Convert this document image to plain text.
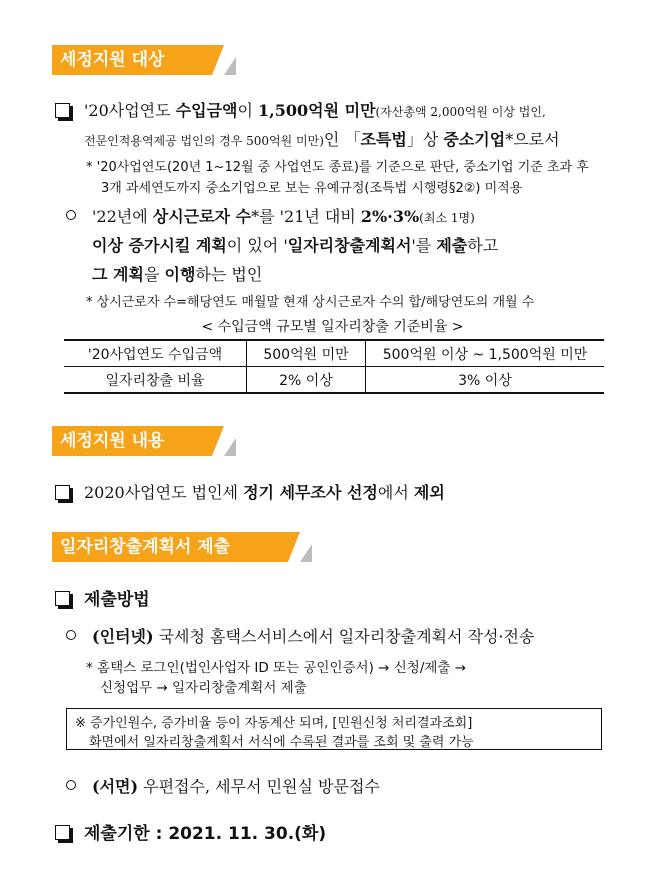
세정지원 대상
'20사업연도 수입금액이 1,500억원 미만(자산총액 2,000억원 이상 법인,
전문인적용역제공 법인의 경우 500억원 미만)인 「조특법」상 중소기업*으로서
* '20사업연도(20년 1~12월 중 사업연도 종료)를 기준으로 판단, 중소기업 기준 초과 후
3개 과세연도까지 중소기업으로 보는 유예규정(조특법 시행령§2②) 미적용
'22년에 상시근로자 수*를 '21년 대비 2%·3%(최소 1명)
이상 증가시킬 계획이 있어 '일자리창출계획서'를 제출하고
그 계획을 이행하는 법인
* 상시근로자 수=해당연도 매월말 현재 상시근로자 수의 합/해당연도의 개월 수
< 수입금액 규모별 일자리창출 기준비율 >
'20사업연도 수입금액	500억원 미만	500억원 이상 ~ 1,500억원 미만
일자리창출 비율	2% 이상	3% 이상
세정지원 내용
2020사업연도 법인세 정기 세무조사 선정에서 제외
일자리창출계획서 제출
제출방법
(인터넷) 국세청 홈택스서비스에서 일자리창출계획서 작성·전송
* 홈택스 로그인(법인사업자 ID 또는 공인인증서) → 신청/제출 →
신청업무 → 일자리창출계획서 제출
※ 증가인원수, 증가비율 등이 자동계산 되며, [민원신청 처리결과조회]
화면에서 일자리창출계획서 서식에 수록된 결과를 조회 및 출력 가능
(서면) 우편접수, 세무서 민원실 방문접수
제출기한 : 2021. 11. 30.(화)
